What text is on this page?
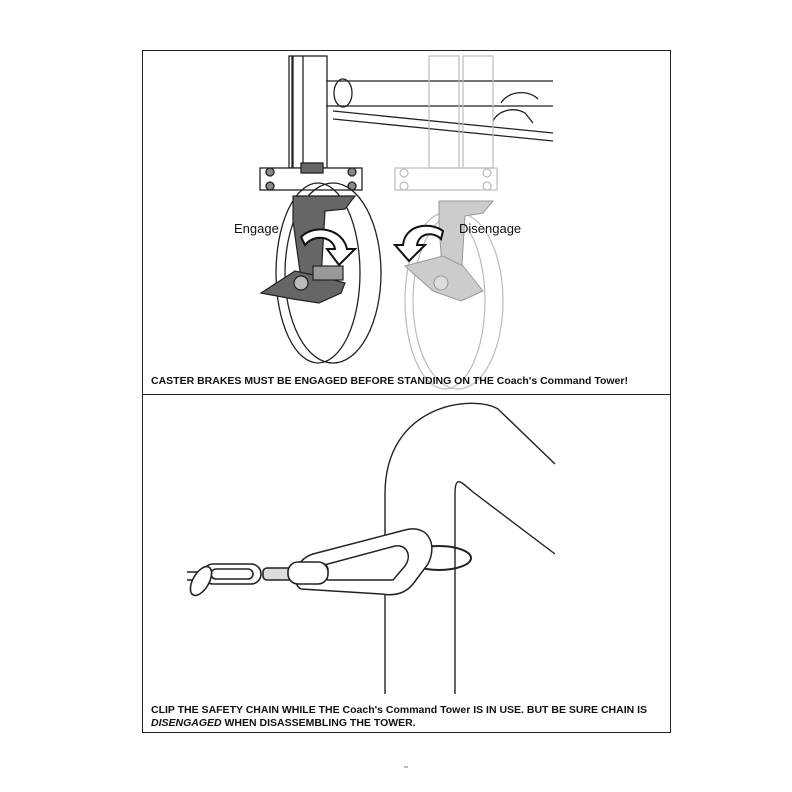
Engage	Disengage
CASTER BRAKES MUST BE ENGAGED BEFORE STANDING ON THE Coach's Command Tower!
CLIP THE SAFETY CHAIN WHILE THE Coach's Command Tower IS IN USE. BUT BE SURE CHAIN IS
DISENGAGED WHEN DISASSEMBLING THE TOWER.
